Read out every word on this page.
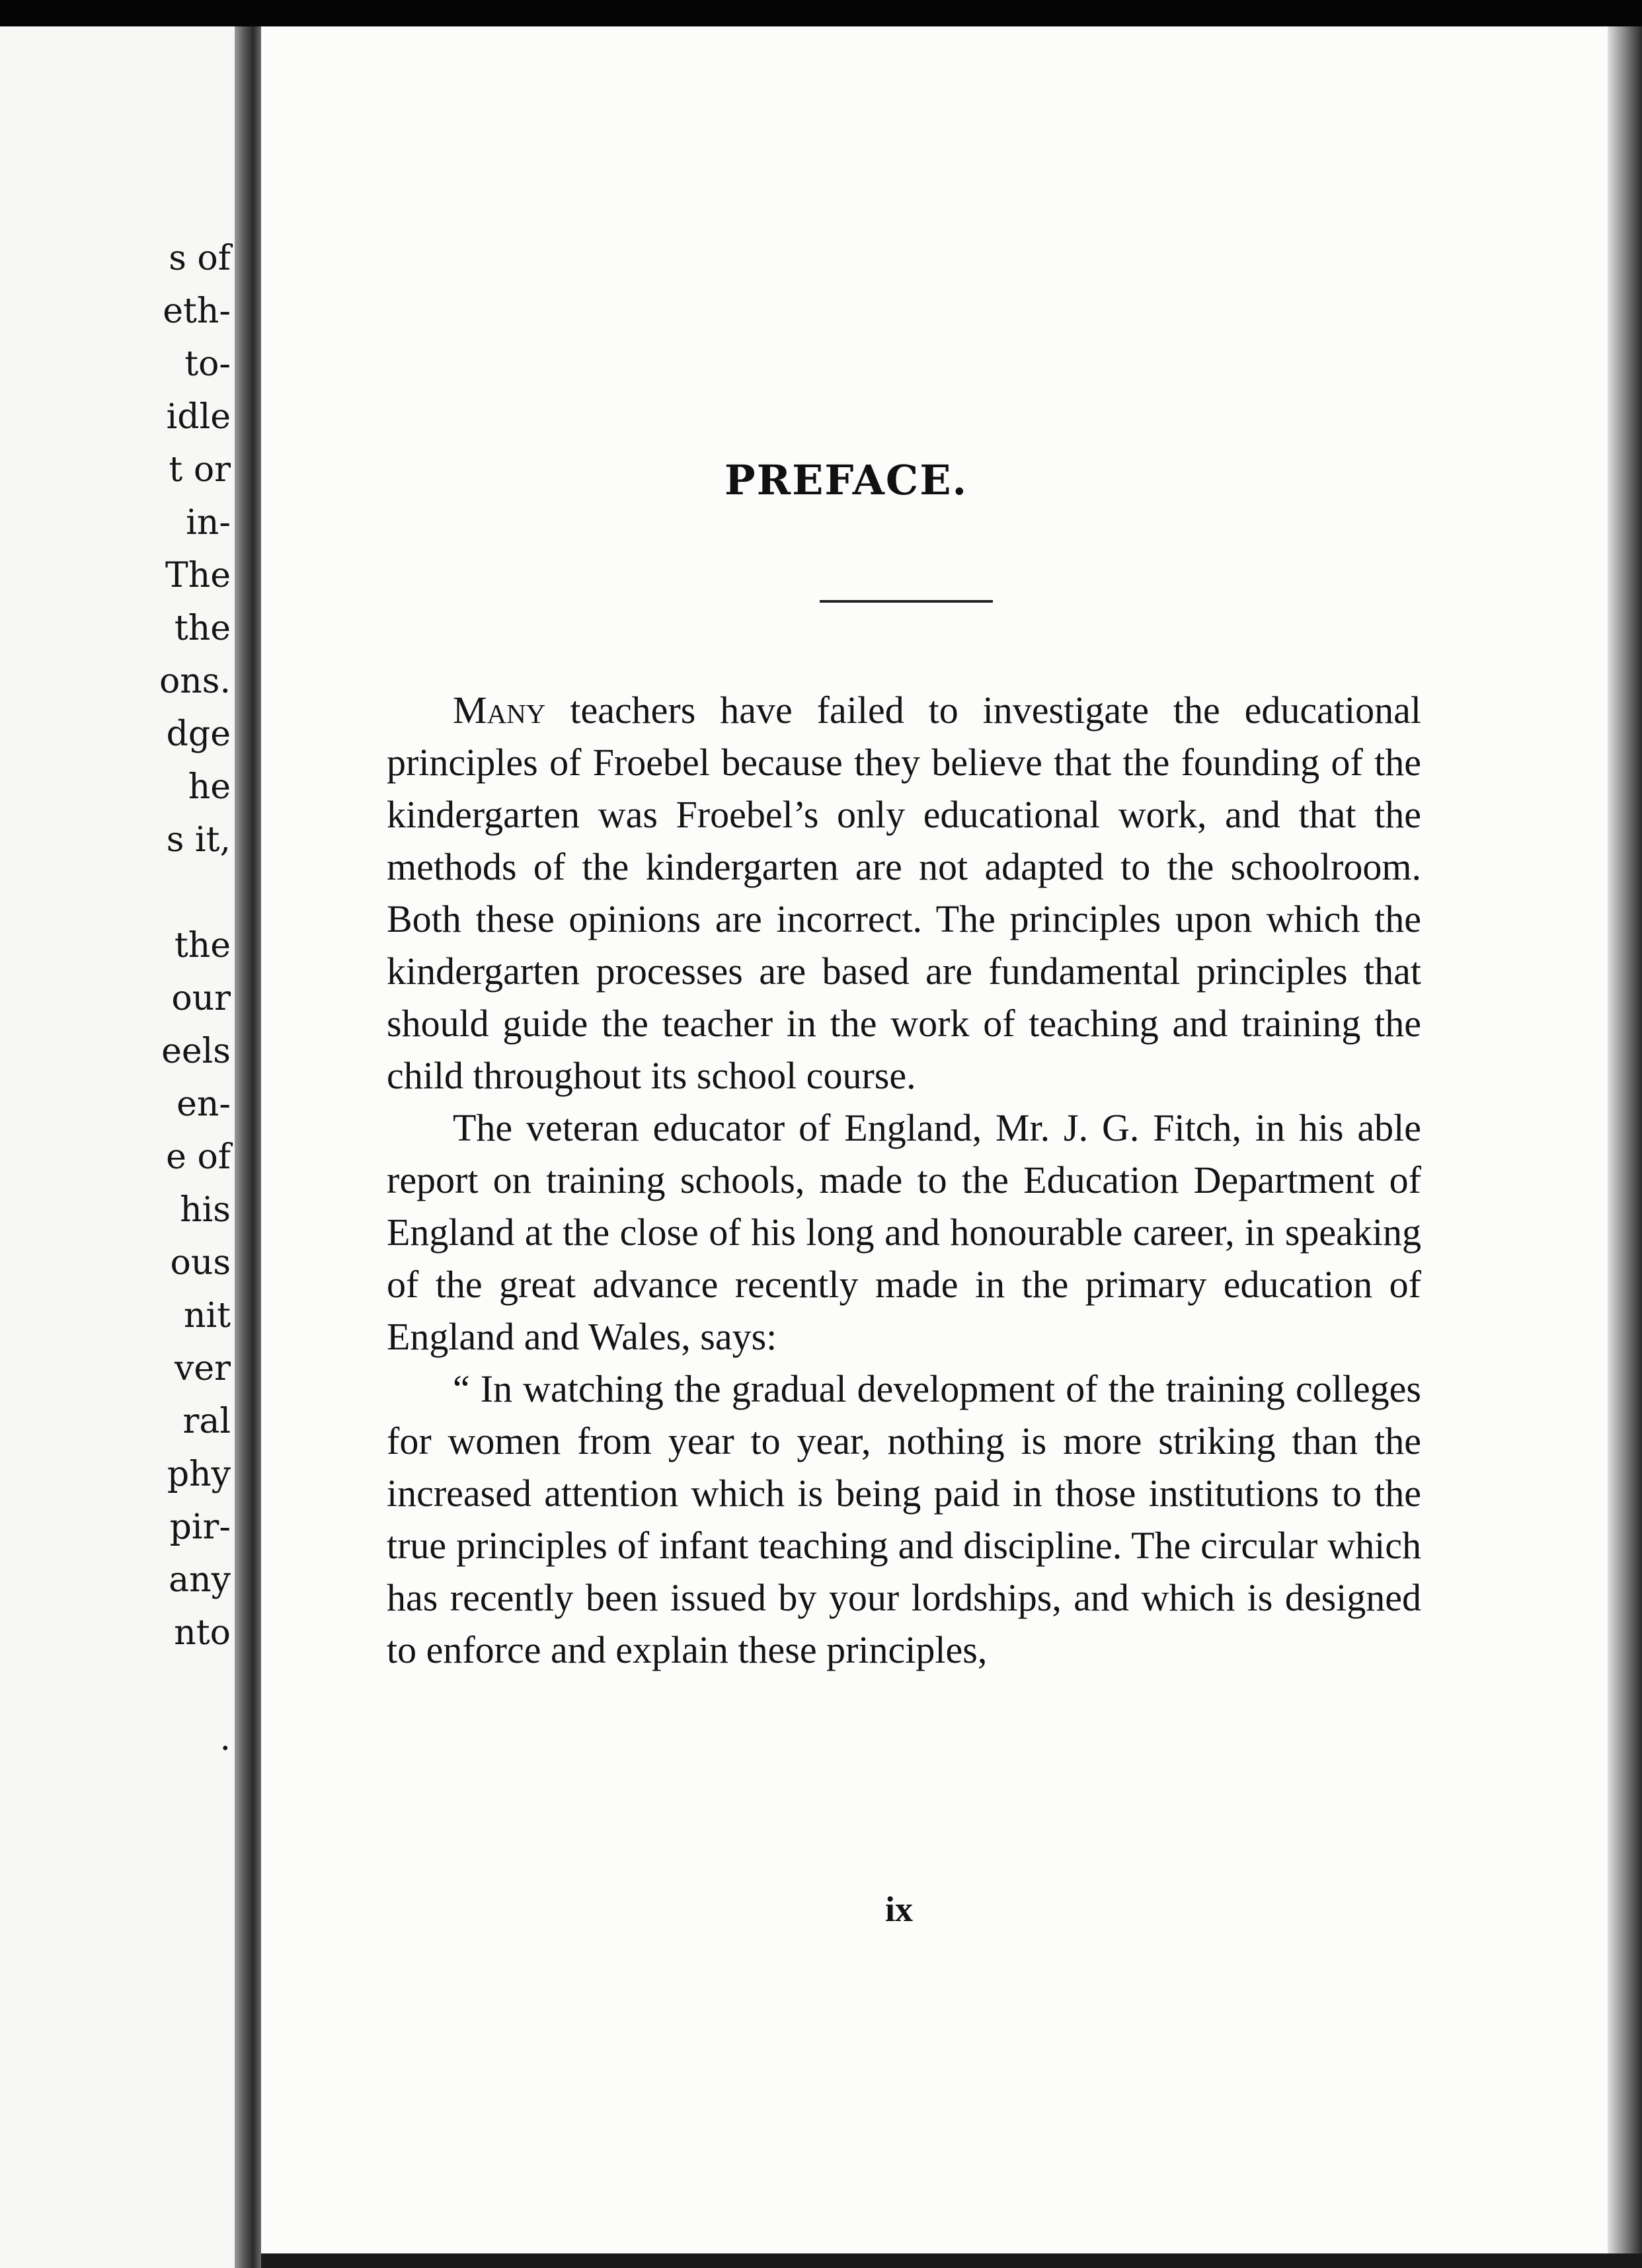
s of
eth-
to-
idle
t or
in-
The
the
ons.
dge
he
s it,
the
our
eels
en-
e of
his
ous
nit
ver
ral
phy
pir-
any
nto
.
PREFACE.

Many teachers have failed to investigate the educational principles of Froebel because they believe that the founding of the kindergarten was Froebel’s only educational work, and that the methods of the kindergarten are not adapted to the schoolroom. Both these opinions are incorrect. The principles upon which the kindergarten processes are based are fundamental principles that should guide the teacher in the work of teaching and training the child throughout its school course.

The veteran educator of England, Mr. J. G. Fitch, in his able report on training schools, made to the Education Department of England at the close of his long and honourable career, in speaking of the great advance recently made in the primary education of England and Wales, says:

“ In watching the gradual development of the training colleges for women from year to year, nothing is more striking than the increased attention which is being paid in those institutions to the true principles of infant teaching and discipline. The circular which has recently been issued by your lordships, and which is designed to enforce and explain these principles,

ix
